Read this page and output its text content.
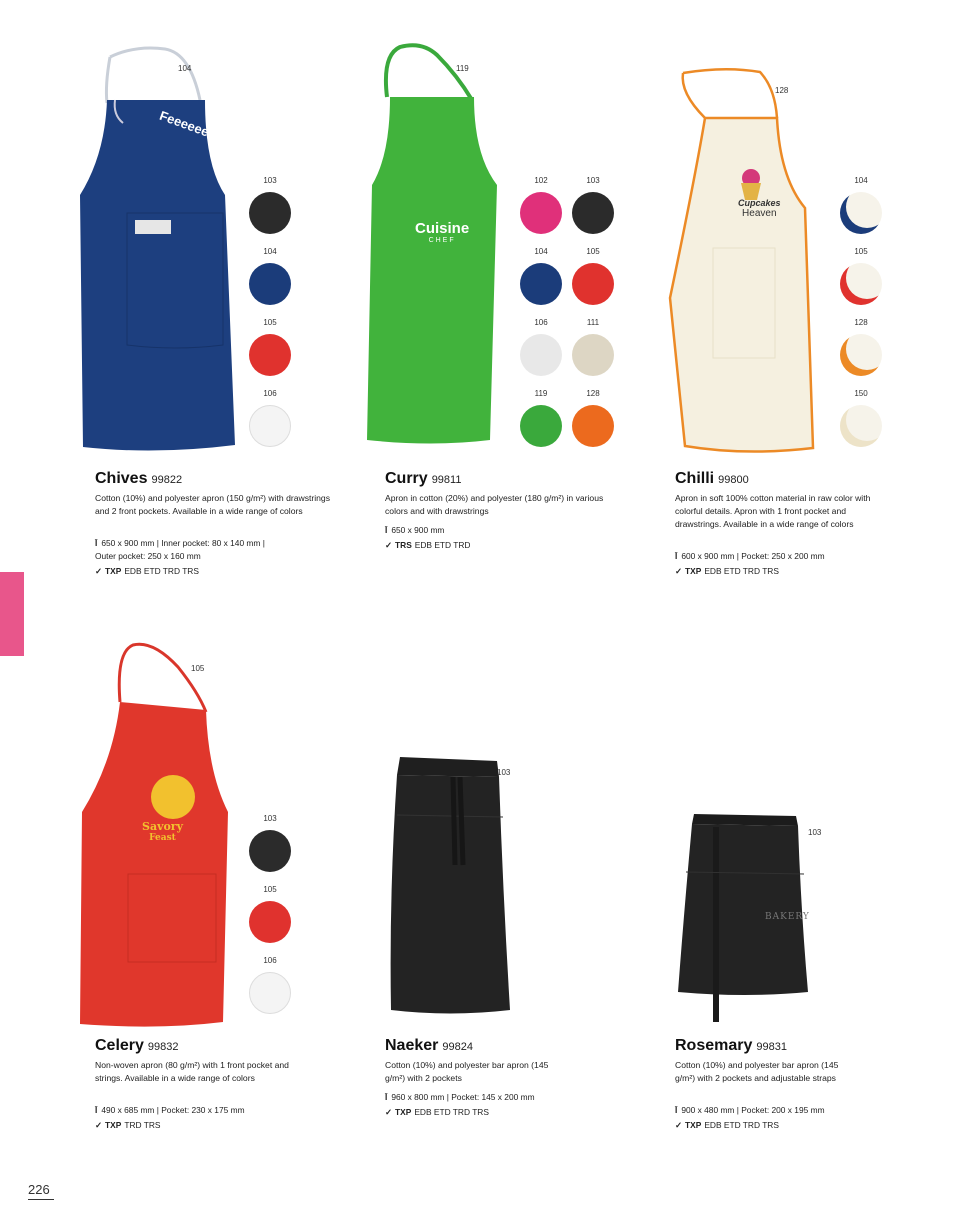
Feeeeeeeed
104
103
104
105
106
Chives 99822
Cotton (10%) and polyester apron (150 g/m²) with drawstrings and 2 front pockets. Available in a wide range of colors
Ī 650 x 900 mm | Inner pocket: 80 x 140 mm |
Outer pocket: 250 x 160 mm
✓ TXP EDB ETD TRD TRS
Cuisine
CHEF
119
102	103
104	105
106	111
119	128
Curry 99811
Apron in cotton (20%) and polyester (180 g/m²) in various colors and with drawstrings
Ī 650 x 900 mm
✓ TRS EDB ETD TRD
Cupcakes
Heaven
128
104
105
128
150
Chilli 99800
Apron in soft 100% cotton material in raw color with colorful details. Apron with 1 front pocket and drawstrings. Available in a wide range of colors
Ī 600 x 900 mm | Pocket: 250 x 200 mm
✓ TXP EDB ETD TRD TRS
Savory
Feast
105
103
105
106
Celery 99832
Non-woven apron (80 g/m²) with 1 front pocket and strings. Available in a wide range of colors
Ī 490 x 685 mm | Pocket: 230 x 175 mm
✓ TXP TRD TRS
103
Naeker 99824
Cotton (10%) and polyester bar apron (145 g/m²) with 2 pockets
Ī 960 x 800 mm | Pocket: 145 x 200 mm
✓ TXP EDB ETD TRD TRS
BAKERY
103
Rosemary 99831
Cotton (10%) and polyester bar apron (145 g/m²) with 2 pockets and adjustable straps
Ī 900 x 480 mm | Pocket: 200 x 195 mm
✓ TXP EDB ETD TRD TRS
226
